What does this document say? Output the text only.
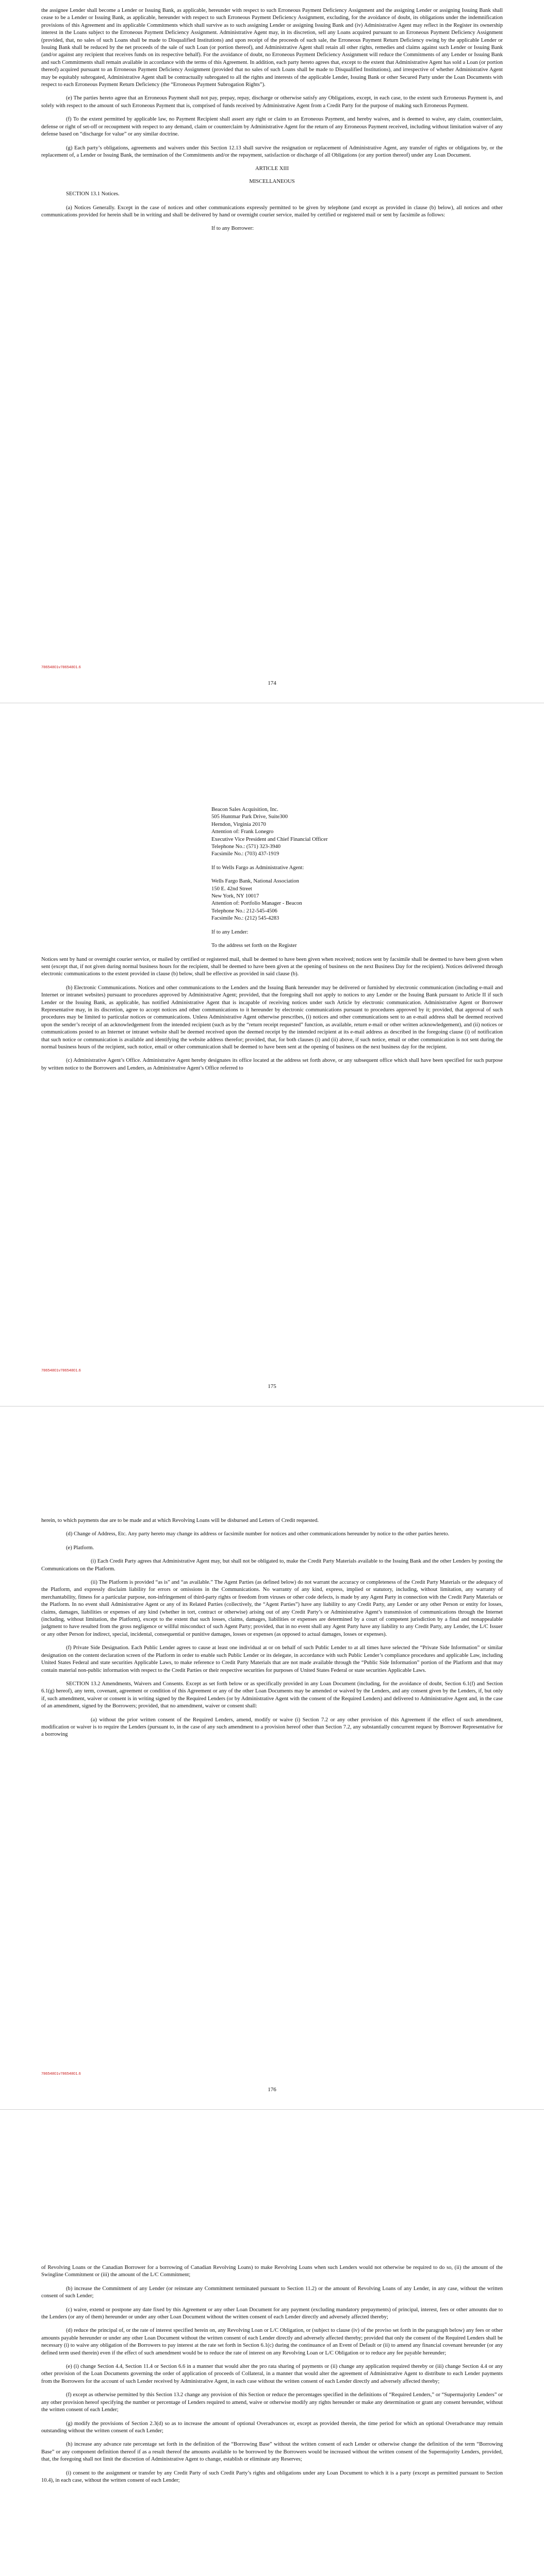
the assignee Lender shall become a Lender or Issuing Bank, as applicable, hereunder with respect to such Erroneous Payment Deficiency Assignment and the assigning Lender or assigning Issuing Bank shall cease to be a Lender or Issuing Bank, as applicable, hereunder with respect to such Erroneous Payment Deficiency Assignment, excluding, for the avoidance of doubt, its obligations under the indemnification provisions of this Agreement and its applicable Commitments which shall survive as to such assigning Lender or assigning Issuing Bank and (iv) Administrative Agent may reflect in the Register its ownership interest in the Loans subject to the Erroneous Payment Deficiency Assignment. Administrative Agent may, in its discretion, sell any Loans acquired pursuant to an Erroneous Payment Deficiency Assignment (provided, that, no sales of such Loans shall be made to Disqualified Institutions) and upon receipt of the proceeds of such sale, the Erroneous Payment Return Deficiency owing by the applicable Lender or Issuing Bank shall be reduced by the net proceeds of the sale of such Loan (or portion thereof), and Administrative Agent shall retain all other rights, remedies and claims against such Lender or Issuing Bank (and/or against any recipient that receives funds on its respective behalf). For the avoidance of doubt, no Erroneous Payment Deficiency Assignment will reduce the Commitments of any Lender or Issuing Bank and such Commitments shall remain available in accordance with the terms of this Agreement. In addition, each party hereto agrees that, except to the extent that Administrative Agent has sold a Loan (or portion thereof) acquired pursuant to an Erroneous Payment Deficiency Assignment (provided that no sales of such Loans shall be made to Disqualified Institutions), and irrespective of whether Administrative Agent may be equitably subrogated, Administrative Agent shall be contractually subrogated to all the rights and interests of the applicable Lender, Issuing Bank or other Secured Party under the Loan Documents with respect to each Erroneous Payment Return Deficiency (the “Erroneous Payment Subrogation Rights”).

(e) The parties hereto agree that an Erroneous Payment shall not pay, prepay, repay, discharge or otherwise satisfy any Obligations, except, in each case, to the extent such Erroneous Payment is, and solely with respect to the amount of such Erroneous Payment that is, comprised of funds received by Administrative Agent from a Credit Party for the purpose of making such Erroneous Payment.

(f) To the extent permitted by applicable law, no Payment Recipient shall assert any right or claim to an Erroneous Payment, and hereby waives, and is deemed to waive, any claim, counterclaim, defense or right of set-off or recoupment with respect to any demand, claim or counterclaim by Administrative Agent for the return of any Erroneous Payment received, including without limitation waiver of any defense based on “discharge for value” or any similar doctrine.

(g) Each party’s obligations, agreements and waivers under this Section 12.13 shall survive the resignation or replacement of Administrative Agent, any transfer of rights or obligations by, or the replacement of, a Lender or Issuing Bank, the termination of the Commitments and/or the repayment, satisfaction or discharge of all Obligations (or any portion thereof) under any Loan Document.

ARTICLE XIII
MISCELLANEOUS

SECTION 13.1 Notices.

(a) Notices Generally. Except in the case of notices and other communications expressly permitted to be given by telephone (and except as provided in clause (b) below), all notices and other communications provided for herein shall be in writing and shall be delivered by hand or overnight courier service, mailed by certified or registered mail or sent by facsimile as follows:

If to any Borrower:
78654801v78654801.6
174
Beacon Sales Acquisition, Inc.
505 Huntmar Park Drive, Suite300
Herndon, Virginia 20170
Attention of: Frank Lonegro
Executive Vice President and Chief Financial Officer
Telephone No.: (571) 323-3940
Facsimile No.: (703) 437-1919
If to Wells Fargo as Administrative Agent:
Wells Fargo Bank, National Association
150 E. 42nd Street
New York, NY 10017
Attention of: Portfolio Manager - Beacon
Telephone No.: 212-545-4506
Facsimile No.: (212) 545-4283
If to any Lender:
To the address set forth on the Register

Notices sent by hand or overnight courier service, or mailed by certified or registered mail, shall be deemed to have been given when received; notices sent by facsimile shall be deemed to have been given when sent (except that, if not given during normal business hours for the recipient, shall be deemed to have been given at the opening of business on the next Business Day for the recipient). Notices delivered through electronic communications to the extent provided in clause (b) below, shall be effective as provided in said clause (b).

(b) Electronic Communications. Notices and other communications to the Lenders and the Issuing Bank hereunder may be delivered or furnished by electronic communication (including e-mail and Internet or intranet websites) pursuant to procedures approved by Administrative Agent; provided, that the foregoing shall not apply to notices to any Lender or the Issuing Bank pursuant to Article II if such Lender or the Issuing Bank, as applicable, has notified Administrative Agent that is incapable of receiving notices under such Article by electronic communication. Administrative Agent or Borrower Representative may, in its discretion, agree to accept notices and other communications to it hereunder by electronic communications pursuant to procedures approved by it; provided, that approval of such procedures may be limited to particular notices or communications. Unless Administrative Agent otherwise prescribes, (i) notices and other communications sent to an e-mail address shall be deemed received upon the sender’s receipt of an acknowledgement from the intended recipient (such as by the “return receipt requested” function, as available, return e-mail or other written acknowledgement), and (ii) notices or communications posted to an Internet or intranet website shall be deemed received upon the deemed receipt by the intended recipient at its e-mail address as described in the foregoing clause (i) of notification that such notice or communication is available and identifying the website address therefor; provided, that, for both clauses (i) and (ii) above, if such notice, email or other communication is not sent during the normal business hours of the recipient, such notice, email or other communication shall be deemed to have been sent at the opening of business on the next business day for the recipient.

(c) Administrative Agent’s Office. Administrative Agent hereby designates its office located at the address set forth above, or any subsequent office which shall have been specified for such purpose by written notice to the Borrowers and Lenders, as Administrative Agent’s Office referred to

78654801v78654801.6
175

herein, to which payments due are to be made and at which Revolving Loans will be disbursed and Letters of Credit requested.

(d) Change of Address, Etc. Any party hereto may change its address or facsimile number for notices and other communications hereunder by notice to the other parties hereto.

(e) Platform.

(i) Each Credit Party agrees that Administrative Agent may, but shall not be obligated to, make the Credit Party Materials available to the Issuing Bank and the other Lenders by posting the Communications on the Platform.

(ii) The Platform is provided “as is” and “as available.” The Agent Parties (as defined below) do not warrant the accuracy or completeness of the Credit Party Materials or the adequacy of the Platform, and expressly disclaim liability for errors or omissions in the Communications. No warranty of any kind, express, implied or statutory, including, without limitation, any warranty of merchantability, fitness for a particular purpose, non-infringement of third-party rights or freedom from viruses or other code defects, is made by any Agent Party in connection with the Credit Party Materials or the Platform. In no event shall Administrative Agent or any of its Related Parties (collectively, the “Agent Parties”) have any liability to any Credit Party, any Lender or any other Person or entity for losses, claims, damages, liabilities or expenses of any kind (whether in tort, contract or otherwise) arising out of any Credit Party’s or Administrative Agent’s transmission of communications through the Internet (including, without limitation, the Platform), except to the extent that such losses, claims, damages, liabilities or expenses are determined by a court of competent jurisdiction by a final and nonappealable judgment to have resulted from the gross negligence or willful misconduct of such Agent Party; provided, that in no event shall any Agent Party have any liability to any Credit Party, any Lender, the L/C Issuer or any other Person for indirect, special, incidental, consequential or punitive damages, losses or expenses (as opposed to actual damages, losses or expenses).

(f) Private Side Designation. Each Public Lender agrees to cause at least one individual at or on behalf of such Public Lender to at all times have selected the “Private Side Information” or similar designation on the content declaration screen of the Platform in order to enable such Public Lender or its delegate, in accordance with such Public Lender’s compliance procedures and applicable Law, including United States Federal and state securities Applicable Laws, to make reference to Credit Party Materials that are not made available through the “Public Side Information” portion of the Platform and that may contain material non-public information with respect to the Credit Parties or their respective securities for purposes of United States Federal or state securities Applicable Laws.

SECTION 13.2 Amendments, Waivers and Consents. Except as set forth below or as specifically provided in any Loan Document (including, for the avoidance of doubt, Section 6.1(f) and Section 6.1(g) hereof), any term, covenant, agreement or condition of this Agreement or any of the other Loan Documents may be amended or waived by the Lenders, and any consent given by the Lenders, if, but only if, such amendment, waiver or consent is in writing signed by the Required Lenders (or by Administrative Agent with the consent of the Required Lenders) and delivered to Administrative Agent and, in the case of an amendment, signed by the Borrowers; provided, that no amendment, waiver or consent shall:

(a) without the prior written consent of the Required Lenders, amend, modify or waive (i) Section 7.2 or any other provision of this Agreement if the effect of such amendment, modification or waiver is to require the Lenders (pursuant to, in the case of any such amendment to a provision hereof other than Section 7.2, any substantially concurrent request by Borrower Representative for a borrowing

78654801v78654801.6
176

of Revolving Loans or the Canadian Borrower for a borrowing of Canadian Revolving Loans) to make Revolving Loans when such Lenders would not otherwise be required to do so, (ii) the amount of the Swingline Commitment or (iii) the amount of the L/C Commitment;

(b) increase the Commitment of any Lender (or reinstate any Commitment terminated pursuant to Section 11.2) or the amount of Revolving Loans of any Lender, in any case, without the written consent of such Lender;

(c) waive, extend or postpone any date fixed by this Agreement or any other Loan Document for any payment (excluding mandatory prepayments) of principal, interest, fees or other amounts due to the Lenders (or any of them) hereunder or under any other Loan Document without the written consent of each Lender directly and adversely affected thereby;

(d) reduce the principal of, or the rate of interest specified herein on, any Revolving Loan or L/C Obligation, or (subject to clause (iv) of the proviso set forth in the paragraph below) any fees or other amounts payable hereunder or under any other Loan Document without the written consent of each Lender directly and adversely affected thereby; provided that only the consent of the Required Lenders shall be necessary (i) to waive any obligation of the Borrowers to pay interest at the rate set forth in Section 6.1(c) during the continuance of an Event of Default or (ii) to amend any financial covenant hereunder (or any defined term used therein) even if the effect of such amendment would be to reduce the rate of interest on any Revolving Loan or L/C Obligation or to reduce any fee payable hereunder;

(e) (i) change Section 4.4, Section 11.4 or Section 6.6 in a manner that would alter the pro rata sharing of payments or (ii) change any application required thereby or (iii) change Section 4.4 or any other provision of the Loan Documents governing the order of application of proceeds of Collateral, in a manner that would alter the agreement of Administrative Agent to distribute to each Lender payments from the Borrowers for the account of such Lender received by Administrative Agent, in each case without the written consent of each Lender directly and adversely affected thereby;

(f) except as otherwise permitted by this Section 13.2 change any provision of this Section or reduce the percentages specified in the definitions of “Required Lenders,” or “Supermajority Lenders” or any other provision hereof specifying the number or percentage of Lenders required to amend, waive or otherwise modify any rights hereunder or make any determination or grant any consent hereunder, without the written consent of each Lender;

(g) modify the provisions of Section 2.3(d) so as to increase the amount of optional Overadvances or, except as provided therein, the time period for which an optional Overadvance may remain outstanding without the written consent of each Lender;

(h) increase any advance rate percentage set forth in the definition of the “Borrowing Base” without the written consent of each Lender or otherwise change the definition of the term “Borrowing Base” or any component definition thereof if as a result thereof the amounts available to be borrowed by the Borrowers would be increased without the written consent of the Supermajority Lenders, provided, that, the foregoing shall not limit the discretion of Administrative Agent to change, establish or eliminate any Reserves;

(i) consent to the assignment or transfer by any Credit Party of such Credit Party’s rights and obligations under any Loan Document to which it is a party (except as permitted pursuant to Section 10.4), in each case, without the written consent of each Lender;
